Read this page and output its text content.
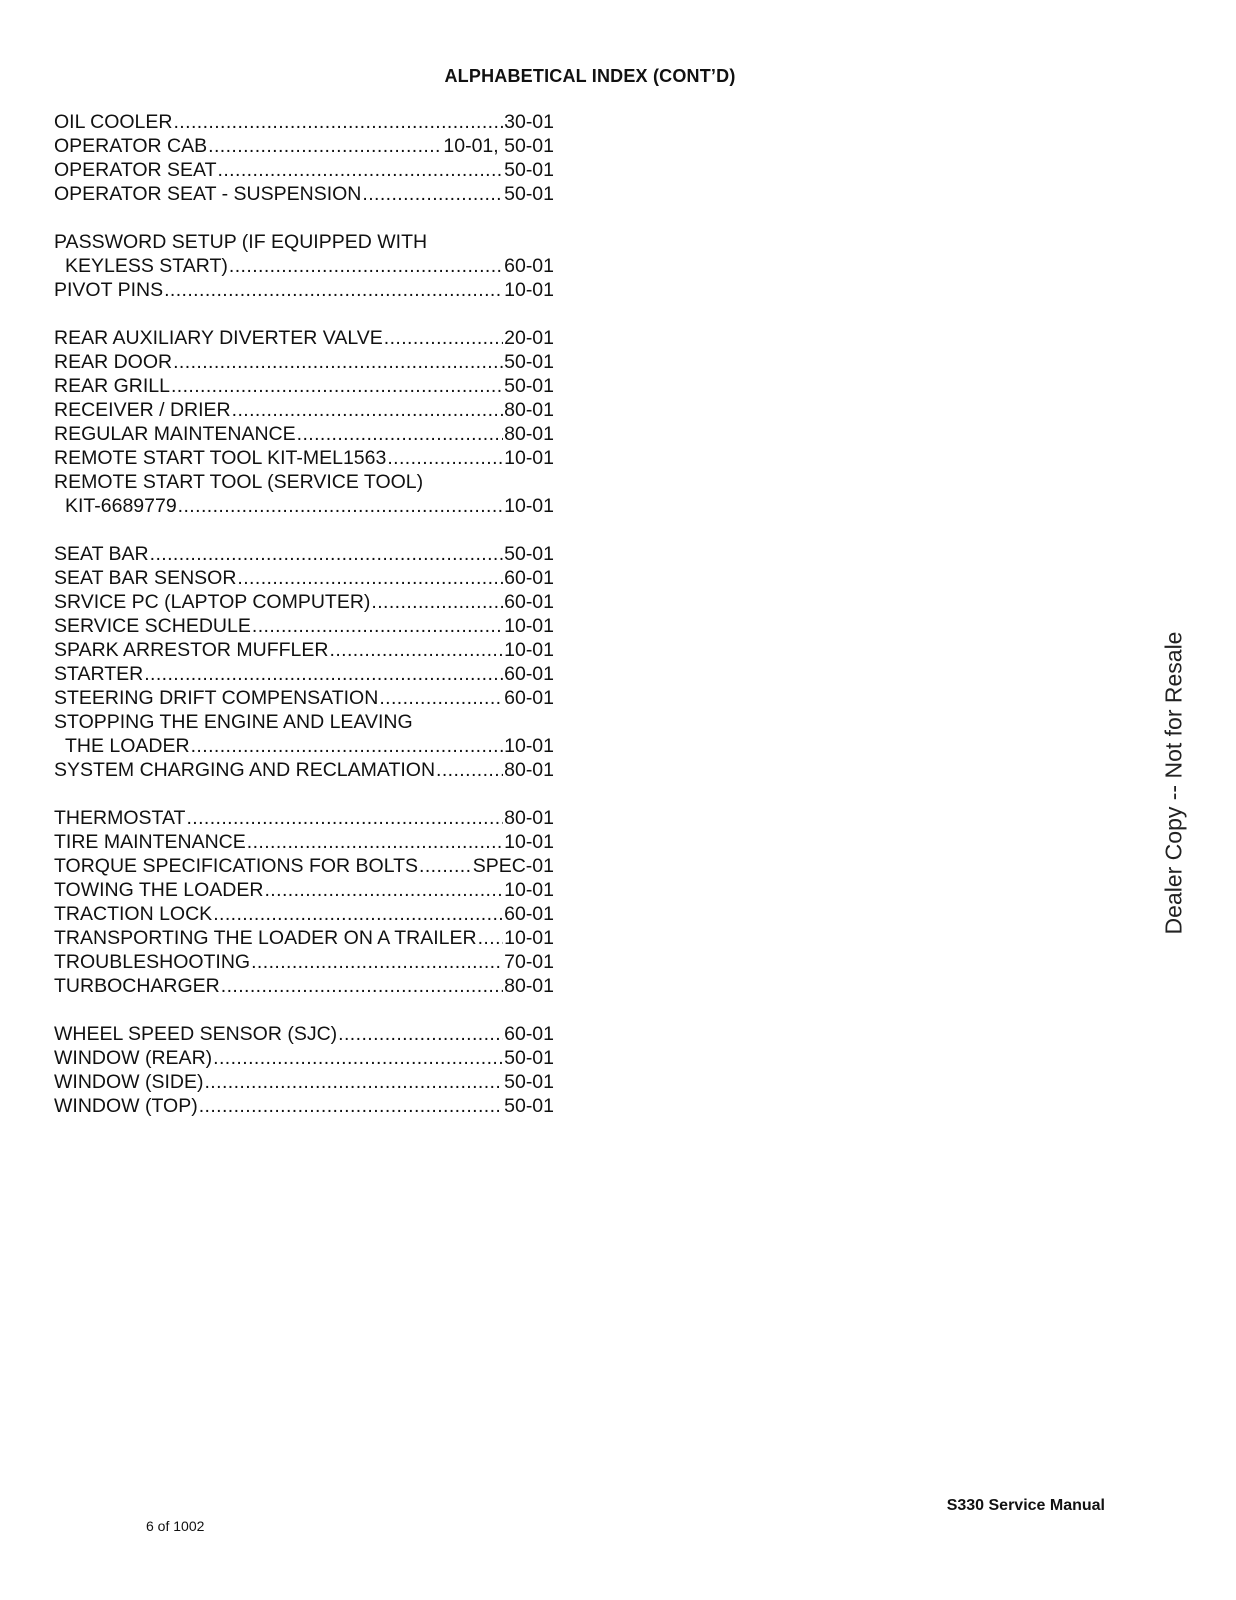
ALPHABETICAL INDEX (CONT’D)
OIL COOLER .....	30-01
OPERATOR CAB .....	10-01, 50-01
OPERATOR SEAT .....	50-01
OPERATOR SEAT - SUSPENSION .....	50-01
PASSWORD SETUP (IF EQUIPPED WITH
KEYLESS START) .....	60-01
PIVOT PINS .....	10-01
REAR AUXILIARY DIVERTER VALVE .....	20-01
REAR DOOR .....	50-01
REAR GRILL .....	50-01
RECEIVER / DRIER .....	80-01
REGULAR MAINTENANCE .....	80-01
REMOTE START TOOL KIT-MEL1563 .....	10-01
REMOTE START TOOL (SERVICE TOOL)
KIT-6689779 .....	10-01
SEAT BAR .....	50-01
SEAT BAR SENSOR .....	60-01
SRVICE PC (LAPTOP COMPUTER) .....	60-01
SERVICE SCHEDULE .....	10-01
SPARK ARRESTOR MUFFLER .....	10-01
STARTER .....	60-01
STEERING DRIFT COMPENSATION .....	60-01
STOPPING THE ENGINE AND LEAVING
THE LOADER .....	10-01
SYSTEM CHARGING AND RECLAMATION .....	80-01
THERMOSTAT .....	80-01
TIRE MAINTENANCE .....	10-01
TORQUE SPECIFICATIONS FOR BOLTS .....	SPEC-01
TOWING THE LOADER .....	10-01
TRACTION LOCK .....	60-01
TRANSPORTING THE LOADER ON A TRAILER ..... 10-01
TROUBLESHOOTING .....	70-01
TURBOCHARGER .....	80-01
WHEEL SPEED SENSOR (SJC) .....	60-01
WINDOW (REAR) .....	50-01
WINDOW (SIDE) .....	50-01
WINDOW (TOP) .....	50-01
Dealer Copy -- Not for Resale
S330 Service Manual
6 of 1002
